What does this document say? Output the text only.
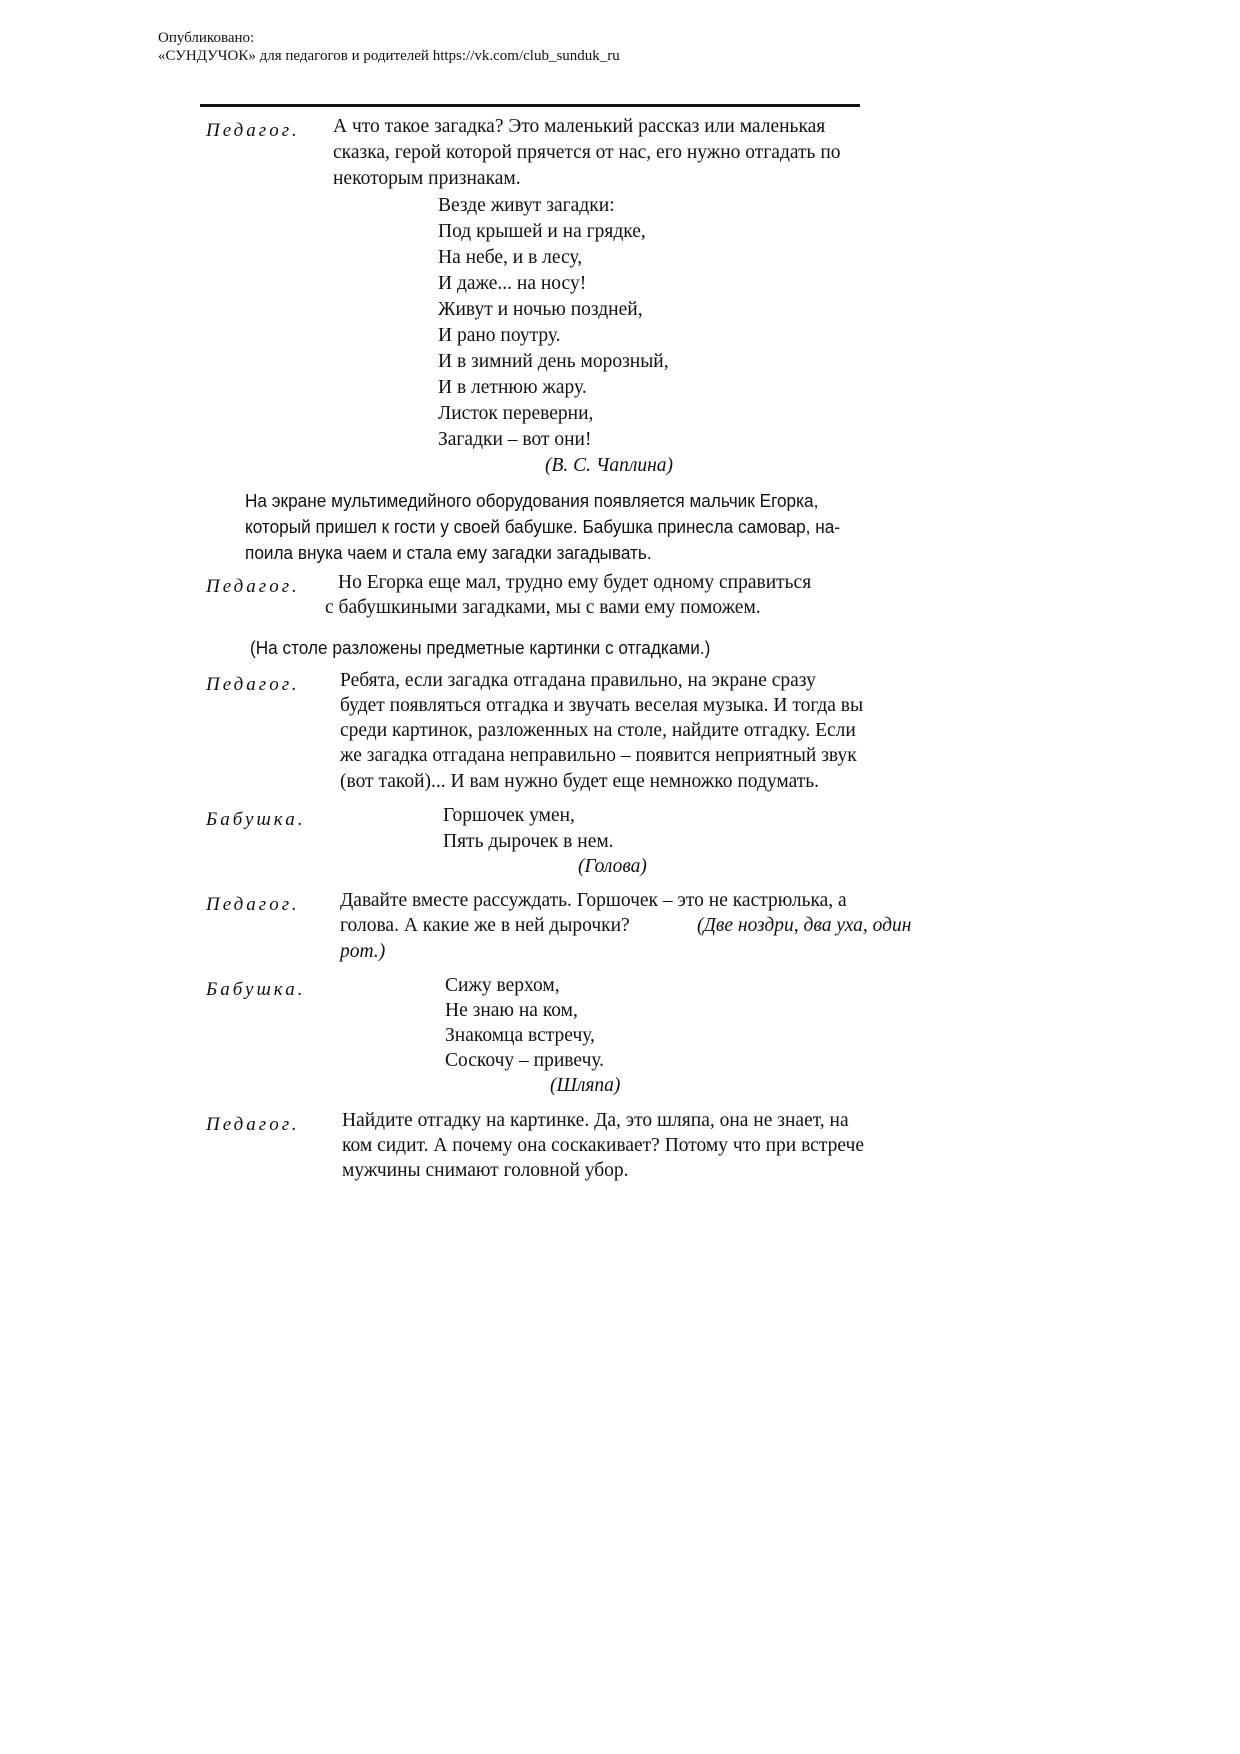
Опубликовано:
«СУНДУЧОК» для педагогов и родителей https://vk.com/club_sunduk_ru
Педагог. А что такое загадка? Это маленький рассказ или маленькая
сказка, герой которой прячется от нас, его нужно отгадать по
некоторым признакам.
Везде живут загадки:
Под крышей и на грядке,
На небе, и в лесу,
И даже... на носу!
Живут и ночью поздней,
И рано поутру.
И в зимний день морозный,
И в летнюю жару.
Листок переверни,
Загадки – вот они!
(В. С. Чаплина)
На экране мультимедийного оборудования появляется мальчик Егорка,
который пришел к гости у своей бабушке. Бабушка принесла самовар, на-
поила внука чаем и стала ему загадки загадывать.
Педагог. Но Егорка еще мал, трудно ему будет одному справиться
с бабушкиными загадками, мы с вами ему поможем.
(На столе разложены предметные картинки с отгадками.)
Педагог. Ребята, если загадка отгадана правильно, на экране сразу
будет появляться отгадка и звучать веселая музыка. И тогда вы
среди картинок, разложенных на столе, найдите отгадку. Если
же загадка отгадана неправильно – появится неприятный звук
(вот такой)... И вам нужно будет еще немножко подумать.
Бабушка.	Горшочек умен,
Пять дырочек в нем.
(Голова)
Педагог. Давайте вместе рассуждать. Горшочек – это не кастрюлька, а
голова. А какие же в ней дырочки?	(Две ноздри, два уха, один
рот.)
Бабушка.	Сижу верхом,
Не знаю на ком,
Знакомца встречу,
Соскочу – привечу.
(Шляпа)
Педагог. Найдите отгадку на картинке. Да, это шляпа, она не знает, на
ком сидит. А почему она соскакивает? Потому что при встрече
мужчины снимают головной убор.
